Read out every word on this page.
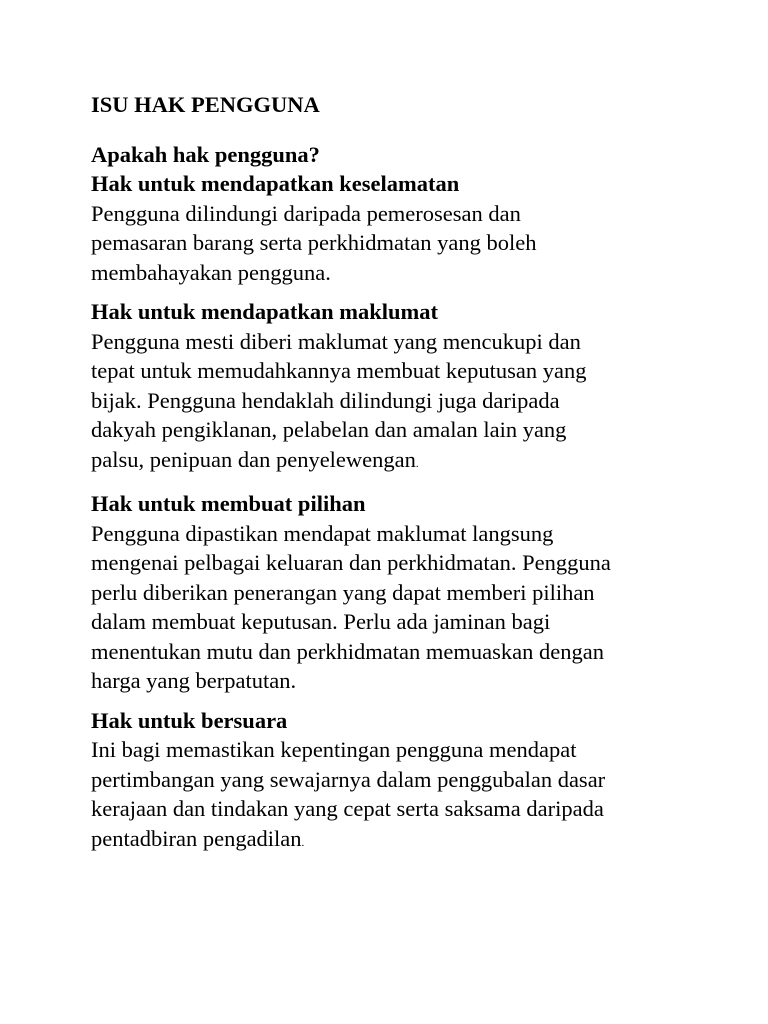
ISU HAK PENGGUNA

Apakah hak pengguna?

Hak untuk mendapatkan keselamatan

Pengguna dilindungi daripada pemerosesan dan
pemasaran barang serta perkhidmatan yang boleh
membahayakan pengguna.

Hak untuk mendapatkan maklumat

Pengguna mesti diberi maklumat yang mencukupi dan
tepat untuk memudahkannya membuat keputusan yang
bijak. Pengguna hendaklah dilindungi juga daripada
dakyah pengiklanan, pelabelan dan amalan lain yang
palsu, penipuan dan penyelewengan.

Hak untuk membuat pilihan

Pengguna dipastikan mendapat maklumat langsung
mengenai pelbagai keluaran dan perkhidmatan. Pengguna
perlu diberikan penerangan yang dapat memberi pilihan
dalam membuat keputusan. Perlu ada jaminan bagi
menentukan mutu dan perkhidmatan memuaskan dengan
harga yang berpatutan.

Hak untuk bersuara

Ini bagi memastikan kepentingan pengguna mendapat
pertimbangan yang sewajarnya dalam penggubalan dasar
kerajaan dan tindakan yang cepat serta saksama daripada
pentadbiran pengadilan.
